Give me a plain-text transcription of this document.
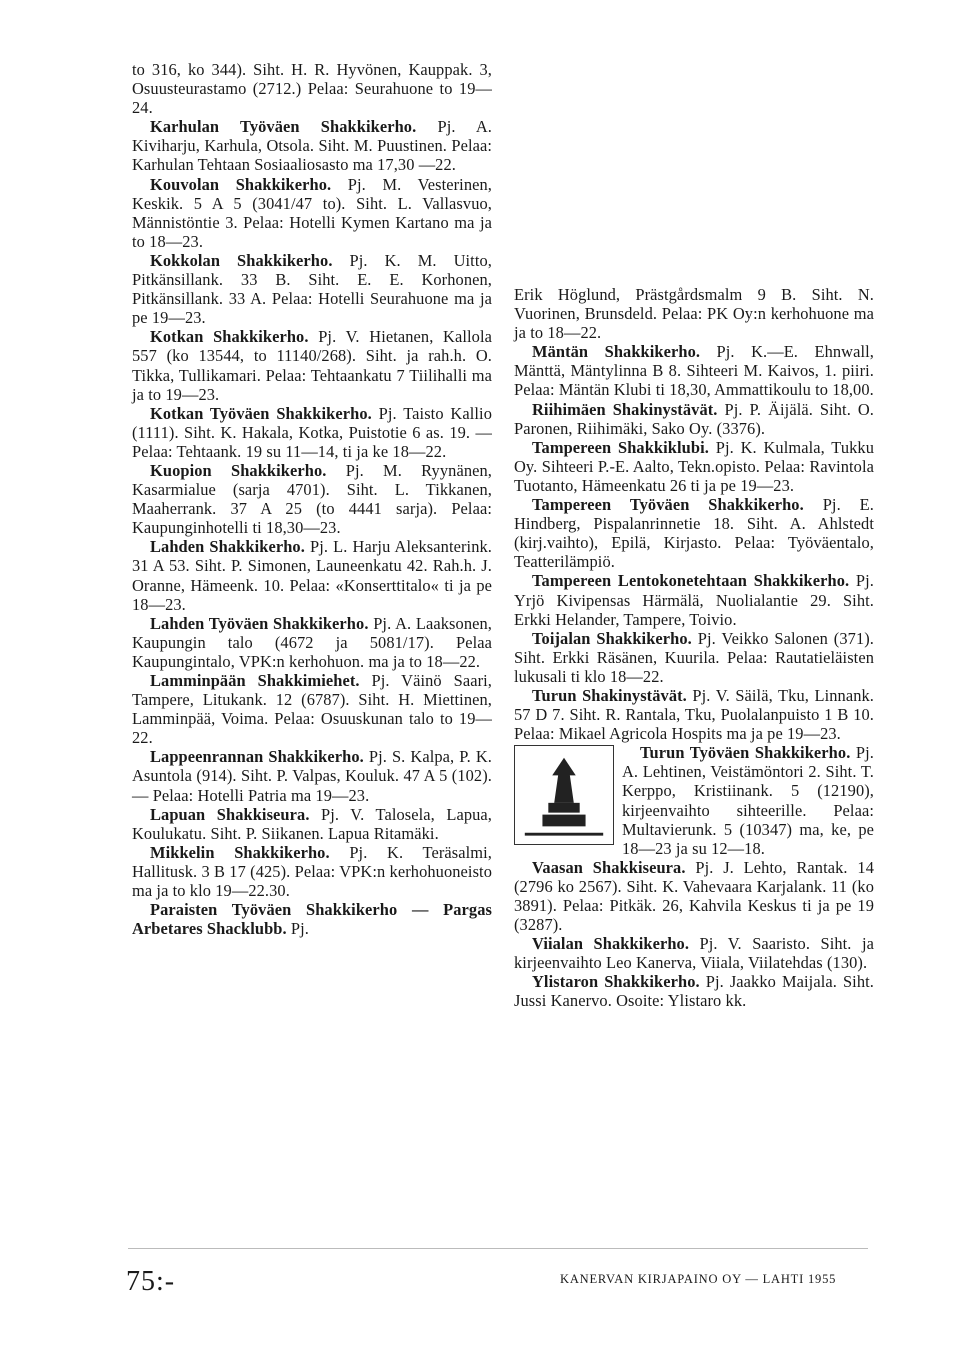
to 316, ko 344). Siht. H. R. Hyvönen, Kauppak. 3, Osuusteurastamo (2712.) Pelaa: Seurahuone to 19—24.

Karhulan Työväen Shakkikerho. Pj. A. Kiviharju, Karhula, Otsola. Siht. M. Puustinen. Pelaa: Karhulan Tehtaan Sosiaaliosasto ma 17,30 —22.

Kouvolan Shakkikerho. Pj. M. Vesterinen, Keskik. 5 A 5 (3041/47 to). Siht. L. Vallasvuo, Männistöntie 3. Pelaa: Hotelli Kymen Kartano ma ja to 18—23.

Kokkolan Shakkikerho. Pj. K. M. Uitto, Pitkänsillank. 33 B. Siht. E. E. Korhonen, Pitkänsillank. 33 A. Pelaa: Hotelli Seurahuone ma ja pe 19—23.

Kotkan Shakkikerho. Pj. V. Hietanen, Kallola 557 (ko 13544, to 11140/268). Siht. ja rah.h. O. Tikka, Tullikamari. Pelaa: Tehtaankatu 7 Tiilihalli ma ja to 19—23.

Kotkan Työväen Shakkikerho. Pj. Taisto Kallio (1111). Siht. K. Hakala, Kotka, Puistotie 6 as. 19. — Pelaa: Tehtaank. 19 su 11—14, ti ja ke 18—22.

Kuopion Shakkikerho. Pj. M. Ryynänen, Kasarmialue (sarja 4701). Siht. L. Tikkanen, Maaherrank. 37 A 25 (to 4441 sarja). Pelaa: Kaupunginhotelli ti 18,30—23.

Lahden Shakkikerho. Pj. L. Harju Aleksanterink. 31 A 53. Siht. P. Simonen, Launeenkatu 42. Rah.h. J. Oranne, Hämeenk. 10. Pelaa: «Konserttitalo« ti ja pe 18—23.

Lahden Työväen Shakkikerho. Pj. A. Laaksonen, Kaupungin talo (4672 ja 5081/17). Pelaa Kaupungintalo, VPK:n kerhohuon. ma ja to 18—22.

Lamminpään Shakkimiehet. Pj. Väinö Saari, Tampere, Litukank. 12 (6787). Siht. H. Miettinen, Lamminpää, Voima. Pelaa: Osuuskunan talo to 19—22.

Lappeenrannan Shakkikerho. Pj. S. Kalpa, P. K. Asuntola (914). Siht. P. Valpas, Kouluk. 47 A 5 (102). — Pelaa: Hotelli Patria ma 19—23.

Lapuan Shakkiseura. Pj. V. Talosela, Lapua, Koulukatu. Siht. P. Siikanen. Lapua Ritamäki.

Mikkelin Shakkikerho. Pj. K. Teräsalmi, Hallitusk. 3 B 17 (425). Pelaa: VPK:n kerhohuoneisto ma ja to klo 19—22.30.

Paraisten Työväen Shakkikerho — Pargas Arbetares Shacklubb. Pj.

Erik Höglund, Prästgårdsmalm 9 B. Siht. N. Vuorinen, Brunsdeld. Pelaa: PK Oy:n kerhohuone ma ja to 18—22.

Mäntän Shakkikerho. Pj. K.—E. Ehnwall, Mänttä, Mäntylinna B 8. Sihteeri M. Kaivos, 1. piiri. Pelaa: Mäntän Klubi ti 18,30, Ammattikoulu to 18,00.

Riihimäen Shakinystävät. Pj. P. Äijälä. Siht. O. Paronen, Riihimäki, Sako Oy. (3376).

Tampereen Shakkiklubi. Pj. K. Kulmala, Tukku Oy. Sihteeri P.-E. Aalto, Tekn.opisto. Pelaa: Ravintola Tuotanto, Hämeenkatu 26 ti ja pe 19—23.

Tampereen Työväen Shakkikerho. Pj. E. Hindberg, Pispalanrinnetie 18. Siht. A. Ahlstedt (kirj.vaihto), Epilä, Kirjasto. Pelaa: Työväentalo, Teatterilämpiö.

Tampereen Lentokonetehtaan Shakkikerho. Pj. Yrjö Kivipensas Härmälä, Nuolialantie 29. Siht. Erkki Helander, Tampere, Toivio.

Toijalan Shakkikerho. Pj. Veikko Salonen (371). Siht. Erkki Räsänen, Kuurila. Pelaa: Rautatieläisten lukusali ti klo 18—22.

Turun Shakinystävät. Pj. V. Säilä, Tku, Linnank. 57 D 7. Siht. R. Rantala, Tku, Puolalanpuisto 1 B 10. Pelaa: Mikael Agricola Hospits ma ja pe 19—23.

Turun Työväen Shakkikerho. Pj. A. Lehtinen, Veistämöntori 2. Siht. T. Kerppo, Kristiinank. 5 (12190), kirjeenvaihto sihteerille. Pelaa: Multavierunk. 5 (10347) ma, ke, pe 18—23 ja su 12—18.

Vaasan Shakkiseura. Pj. J. Lehto, Rantak. 14 (2796 ko 2567). Siht. K. Vahevaara Karjalank. 11 (ko 3891). Pelaa: Pitkäk. 26, Kahvila Keskus ti ja pe 19 (3287).

Viialan Shakkikerho. Pj. V. Saaristo. Siht. ja kirjeenvaihto Leo Kanerva, Viiala, Viilatehdas (130).

Ylistaron Shakkikerho. Pj. Jaakko Maijala. Siht. Jussi Kanervo. Osoite: Ylistaro kk.

75:-	KANERVAN KIRJAPAINO OY — LAHTI 1955
